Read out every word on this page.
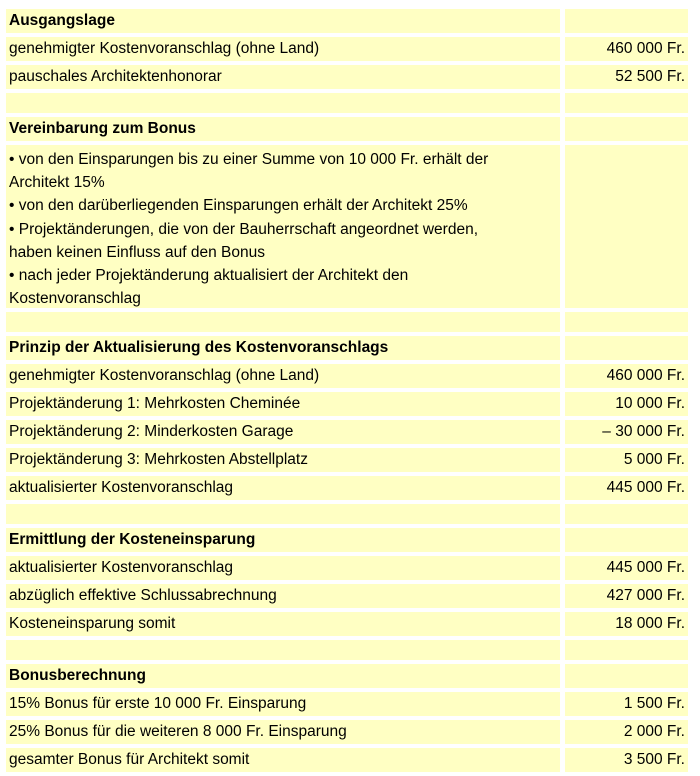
Ausgangslage
genehmigter Kostenvoranschlag (ohne Land)	460 000 Fr.
pauschales Architektenhonorar	52 500 Fr.
Vereinbarung zum Bonus
• von den Einsparungen bis zu einer Summe von 10 000 Fr. erhält der
Architekt 15%
• von den darüberliegenden Einsparungen erhält der Architekt 25%
• Projektänderungen, die von der Bauherrschaft angeordnet werden,
haben keinen Einfluss auf den Bonus
• nach jeder Projektänderung aktualisiert der Architekt den
Kostenvoranschlag
Prinzip der Aktualisierung des Kostenvoranschlags
genehmigter Kostenvoranschlag (ohne Land)	460 000 Fr.
Projektänderung 1: Mehrkosten Cheminée	10 000 Fr.
Projektänderung 2: Minderkosten Garage	– 30 000 Fr.
Projektänderung 3: Mehrkosten Abstellplatz	5 000 Fr.
aktualisierter Kostenvoranschlag	445 000 Fr.
Ermittlung der Kosteneinsparung
aktualisierter Kostenvoranschlag	445 000 Fr.
abzüglich effektive Schlussabrechnung	427 000 Fr.
Kosteneinsparung somit	18 000 Fr.
Bonusberechnung
15% Bonus für erste 10 000 Fr. Einsparung	1 500 Fr.
25% Bonus für die weiteren 8 000 Fr. Einsparung	2 000 Fr.
gesamter Bonus für Architekt somit	3 500 Fr.
